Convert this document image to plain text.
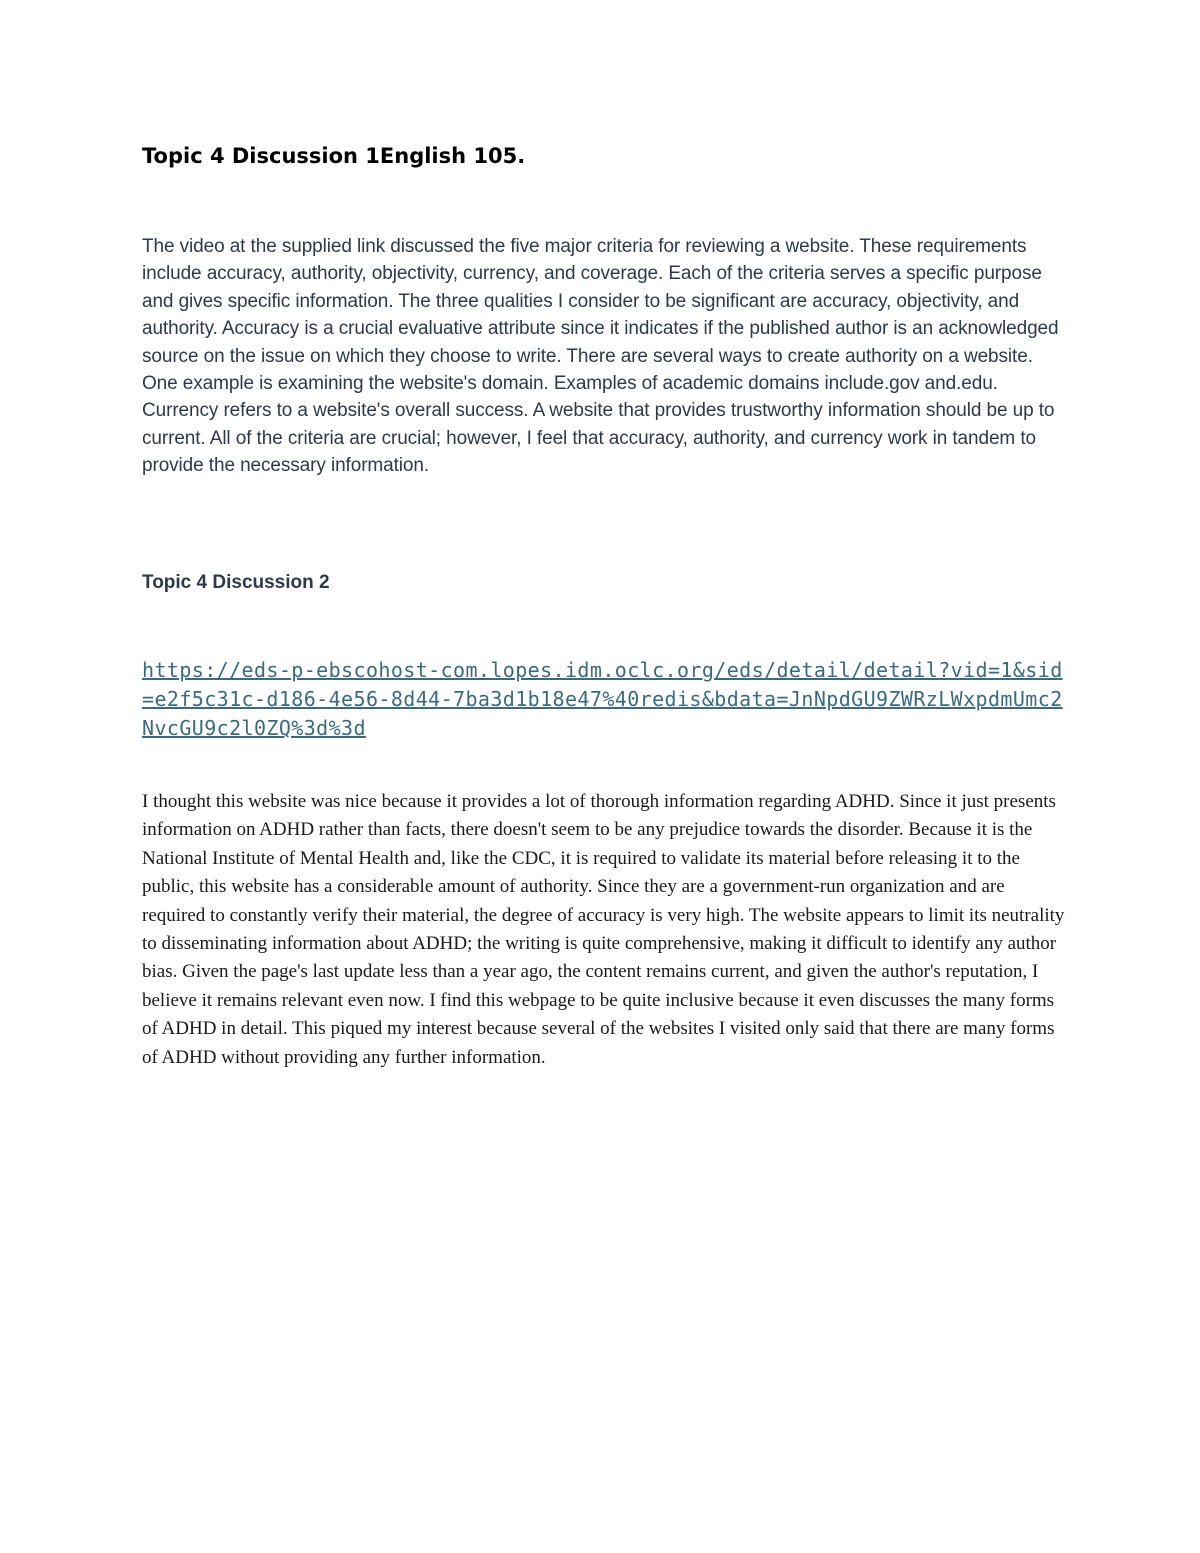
Topic 4 Discussion 1English 105.

The video at the supplied link discussed the five major criteria for reviewing a website. These requirements include accuracy, authority, objectivity, currency, and coverage. Each of the criteria serves a specific purpose and gives specific information. The three qualities I consider to be significant are accuracy, objectivity, and authority. Accuracy is a crucial evaluative attribute since it indicates if the published author is an acknowledged source on the issue on which they choose to write. There are several ways to create authority on a website. One example is examining the website's domain. Examples of academic domains include.gov and.edu. Currency refers to a website's overall success. A website that provides trustworthy information should be up to current. All of the criteria are crucial; however, I feel that accuracy, authority, and currency work in tandem to provide the necessary information.

Topic 4 Discussion 2
https://eds-p-ebscohost-com.lopes.idm.oclc.org/eds/detail/detail?vid=1&sid=e2f5c31c-d186-4e56-8d44-7ba3d1b18e47%40redis&bdata=JnNpdGU9ZWRzLWxpdmUmc2NvcGU9c2l0ZQ%3d%3d

I thought this website was nice because it provides a lot of thorough information regarding ADHD. Since it just presents information on ADHD rather than facts, there doesn't seem to be any prejudice towards the disorder. Because it is the National Institute of Mental Health and, like the CDC, it is required to validate its material before releasing it to the public, this website has a considerable amount of authority. Since they are a government-run organization and are required to constantly verify their material, the degree of accuracy is very high. The website appears to limit its neutrality to disseminating information about ADHD; the writing is quite comprehensive, making it difficult to identify any author bias. Given the page's last update less than a year ago, the content remains current, and given the author's reputation, I believe it remains relevant even now. I find this webpage to be quite inclusive because it even discusses the many forms of ADHD in detail. This piqued my interest because several of the websites I visited only said that there are many forms of ADHD without providing any further information.
